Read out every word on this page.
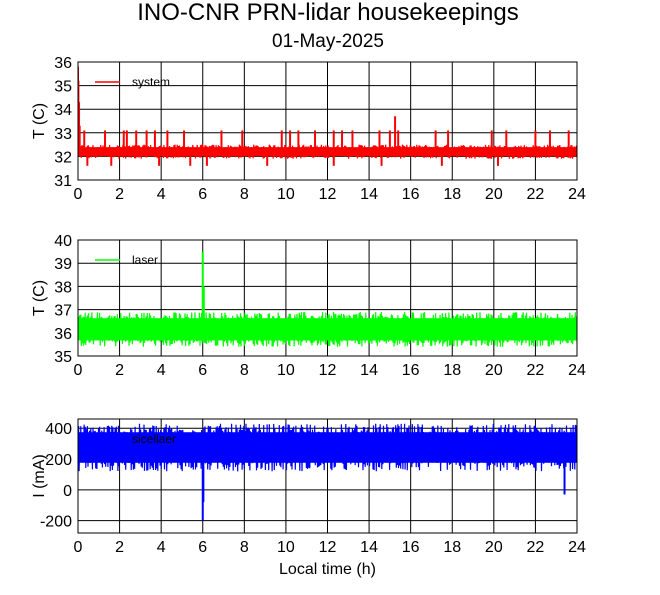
INO-CNR PRN-lidar housekeepings
01-May-2025
system
0 2 4 6 8 10 12 14 16 18 20 22 24
31
32
33
34
35
36
T (C)
laser
0 2 4 6 8 10 12 14 16 18 20 22 24
35
36
37
38
39
40
T (C)
sicellaer
0 2 4 6 8 10 12 14 16 18 20 22 24
-200
0
200
400
I (mA)
Local time (h)
